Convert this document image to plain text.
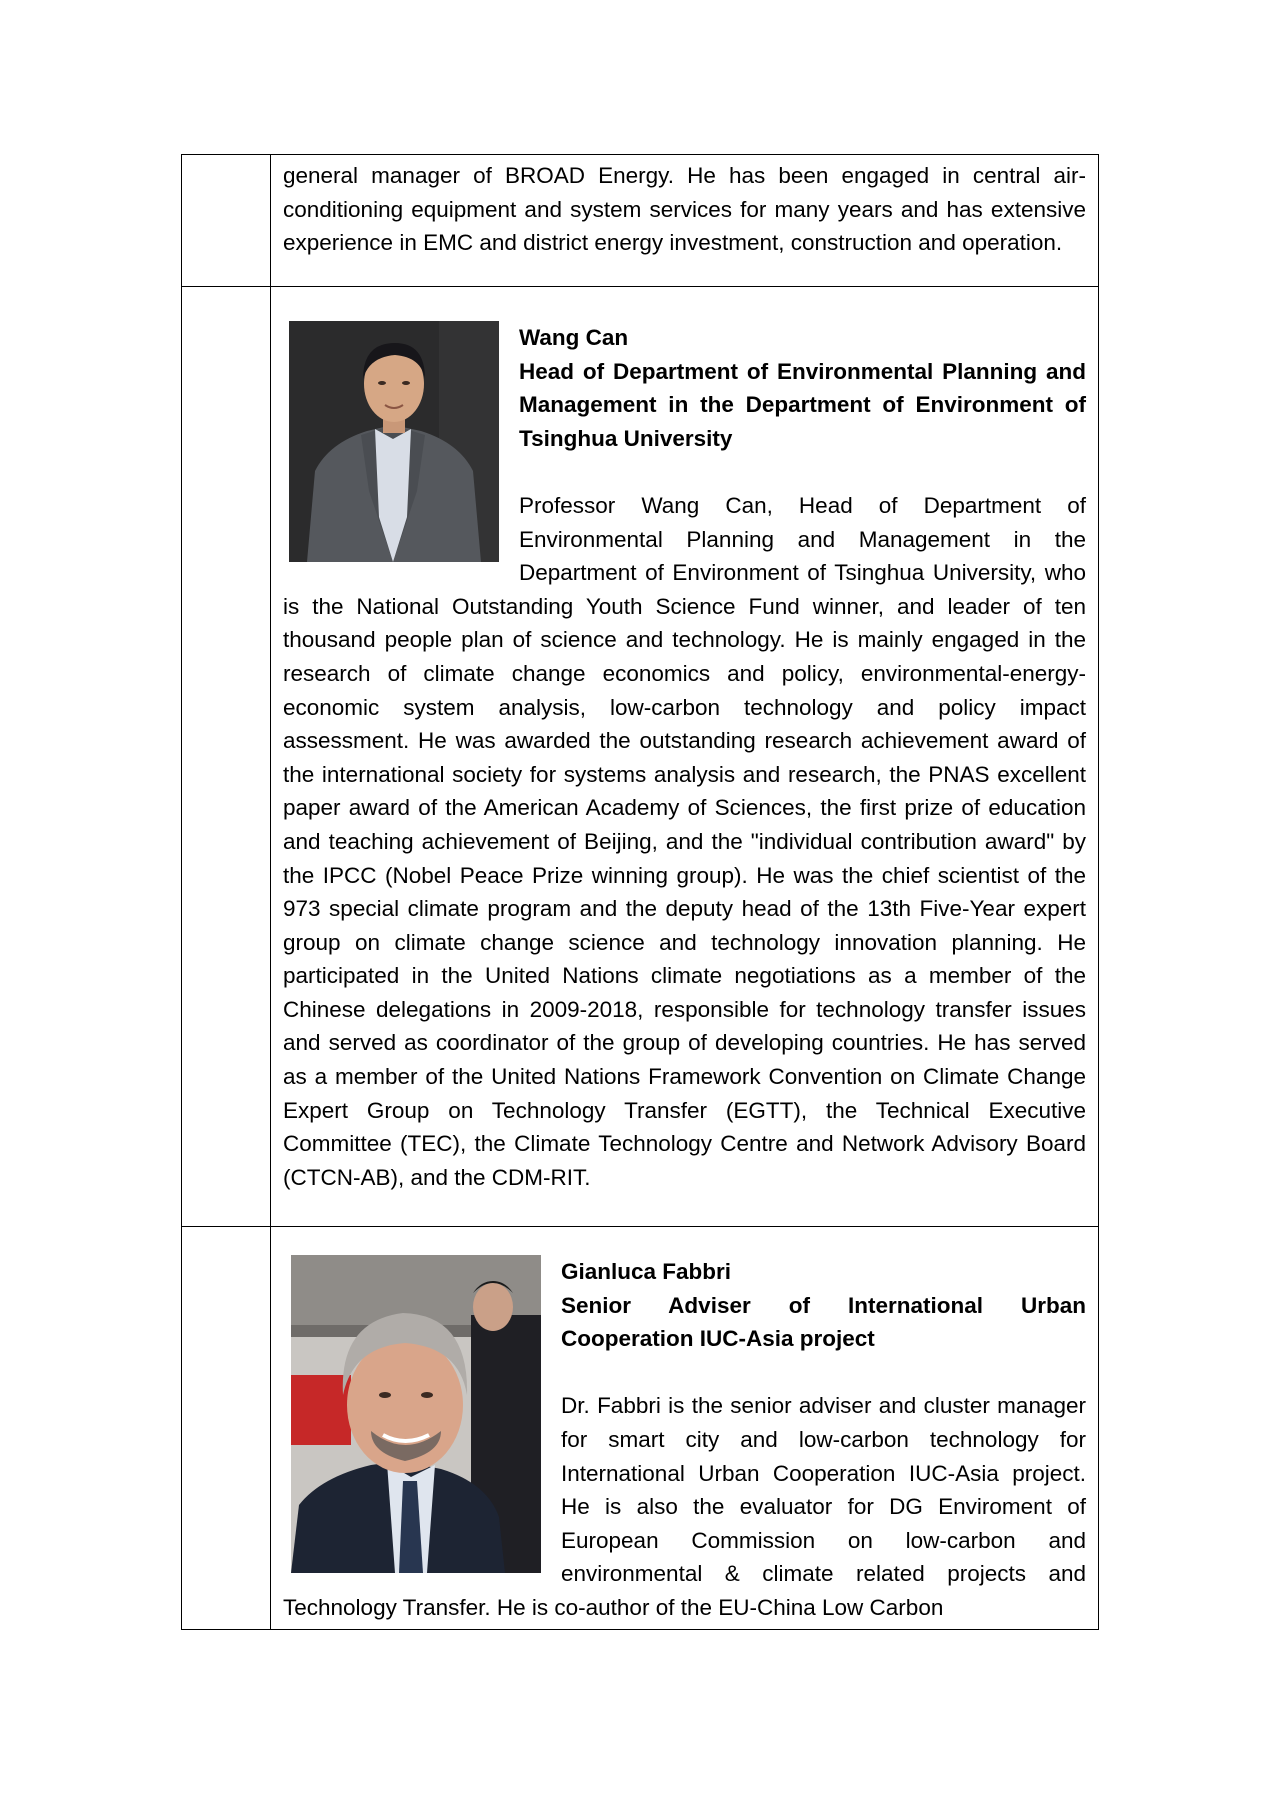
	general manager of BROAD Energy. He has been engaged in central air-conditioning equipment and system services for many years and has extensive experience in EMC and district energy investment, construction and operation.

	Wang Can

Head of Department of Environmental Planning and Management in the Department of Environment of Tsinghua University

Professor Wang Can, Head of Department of Environmental Planning and Management in the Department of Environment of Tsinghua University, who is the National Outstanding Youth Science Fund winner, and leader of ten thousand people plan of science and technology. He is mainly engaged in the research of climate change economics and policy, environmental-energy-economic system analysis, low-carbon technology and policy impact assessment. He was awarded the outstanding research achievement award of the international society for systems analysis and research, the PNAS excellent paper award of the American Academy of Sciences, the first prize of education and teaching achievement of Beijing, and the "individual contribution award" by the IPCC (Nobel Peace Prize winning group). He was the chief scientist of the 973 special climate program and the deputy head of the 13th Five-Year expert group on climate change science and technology innovation planning. He participated in the United Nations climate negotiations as a member of the Chinese delegations in 2009-2018, responsible for technology transfer issues and served as coordinator of the group of developing countries. He has served as a member of the United Nations Framework Convention on Climate Change Expert Group on Technology Transfer (EGTT), the Technical Executive Committee (TEC), the Climate Technology Centre and Network Advisory Board (CTCN-AB), and the CDM-RIT.

	Gianluca Fabbri

Senior Adviser of International Urban Cooperation IUC-Asia project

Dr. Fabbri is the senior adviser and cluster manager for smart city and low-carbon technology for International Urban Cooperation IUC-Asia project. He is also the evaluator for DG Enviroment of European Commission on low-carbon and environmental & climate related projects and Technology Transfer. He is co-author of the EU-China Low Carbon
